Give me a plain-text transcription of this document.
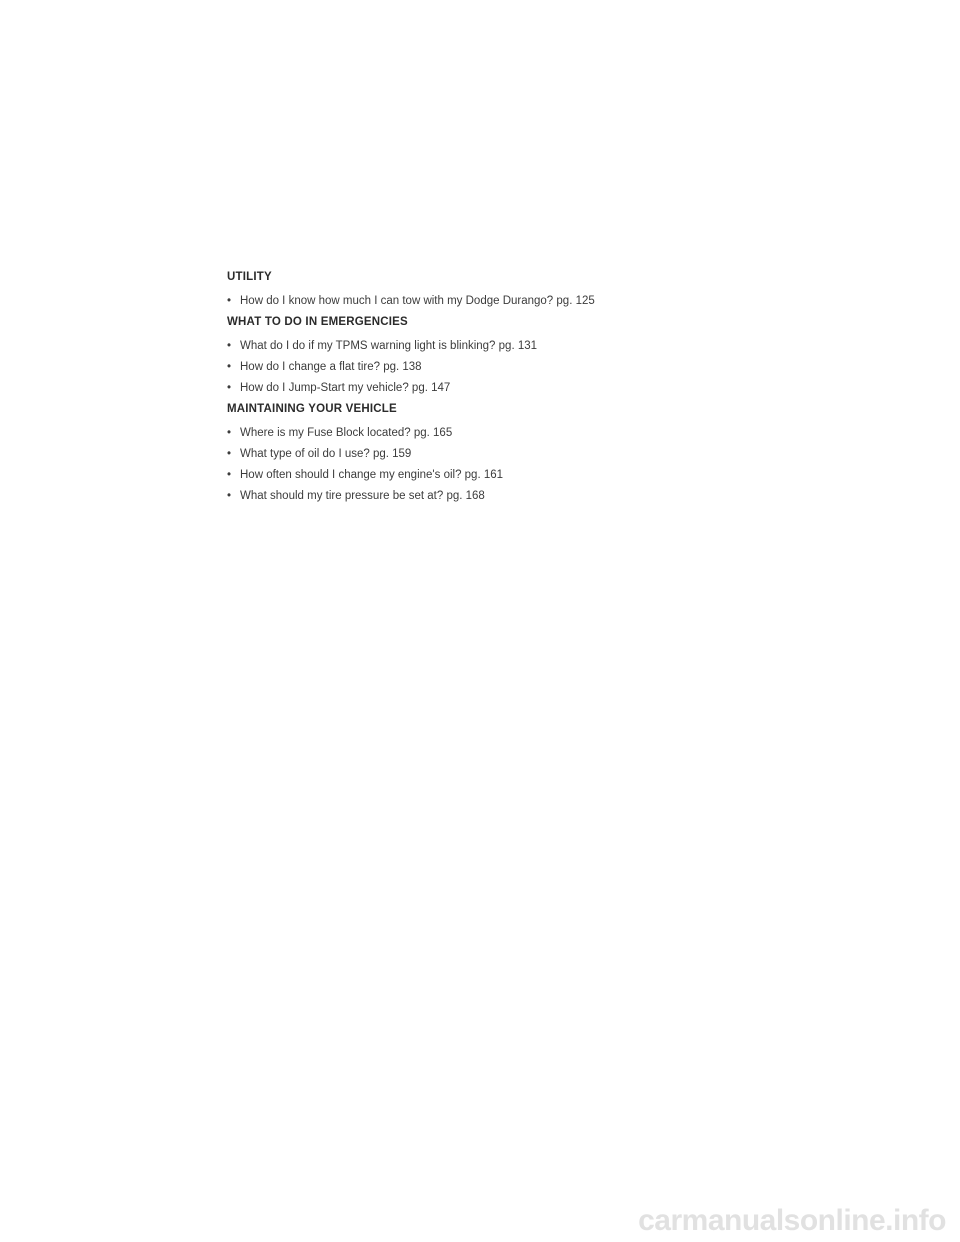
UTILITY
• How do I know how much I can tow with my Dodge Durango? pg. 125
WHAT TO DO IN EMERGENCIES
• What do I do if my TPMS warning light is blinking? pg. 131
• How do I change a flat tire? pg. 138
• How do I Jump-Start my vehicle? pg. 147
MAINTAINING YOUR VEHICLE
• Where is my Fuse Block located? pg. 165
• What type of oil do I use? pg. 159
• How often should I change my engine's oil? pg. 161
• What should my tire pressure be set at? pg. 168
carmanualsonline.info
